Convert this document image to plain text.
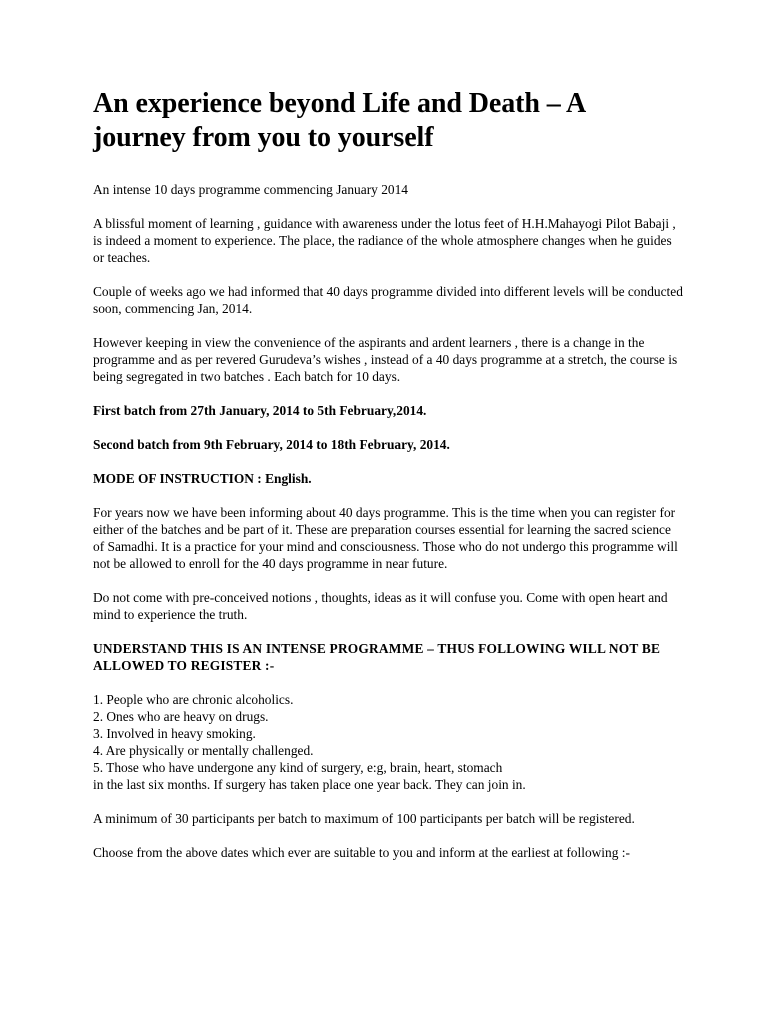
An experience beyond Life and Death – A journey from you to yourself

An intense 10 days programme commencing January 2014

A blissful moment of learning , guidance with awareness under the lotus feet of H.H.Mahayogi Pilot Babaji , is indeed a moment to experience. The place, the radiance of the whole atmosphere changes when he guides or teaches.

Couple of weeks ago we had informed that 40 days programme divided into different levels will be conducted soon, commencing Jan, 2014.

However keeping in view the convenience of the aspirants and ardent learners , there is a change in the programme and as per revered Gurudeva’s wishes , instead of a 40 days programme at a stretch, the course is being segregated in two batches . Each batch for 10 days.

First batch from 27th January, 2014 to 5th February,2014.

Second batch from 9th February, 2014 to 18th February, 2014.

MODE OF INSTRUCTION : English.

For years now we have been informing about 40 days programme. This is the time when you can register for either of the batches and be part of it. These are preparation courses essential for learning the sacred science of Samadhi. It is a practice for your mind and consciousness. Those who do not undergo this programme will not be allowed to enroll for the 40 days programme in near future.

Do not come with pre-conceived notions , thoughts, ideas as it will confuse you. Come with open heart and mind to experience the truth.

UNDERSTAND THIS IS AN INTENSE PROGRAMME – THUS FOLLOWING WILL NOT BE ALLOWED TO REGISTER :-

1. People who are chronic alcoholics.

2. Ones who are heavy on drugs.

3. Involved in heavy smoking.

4. Are physically or mentally challenged.

5. Those who have undergone any kind of surgery, e:g, brain, heart, stomach

in the last six months. If surgery has taken place one year back. They can join in.

A minimum of 30 participants per batch to maximum of 100 participants per batch will be registered.

Choose from the above dates which ever are suitable to you and inform at the earliest at following :-
